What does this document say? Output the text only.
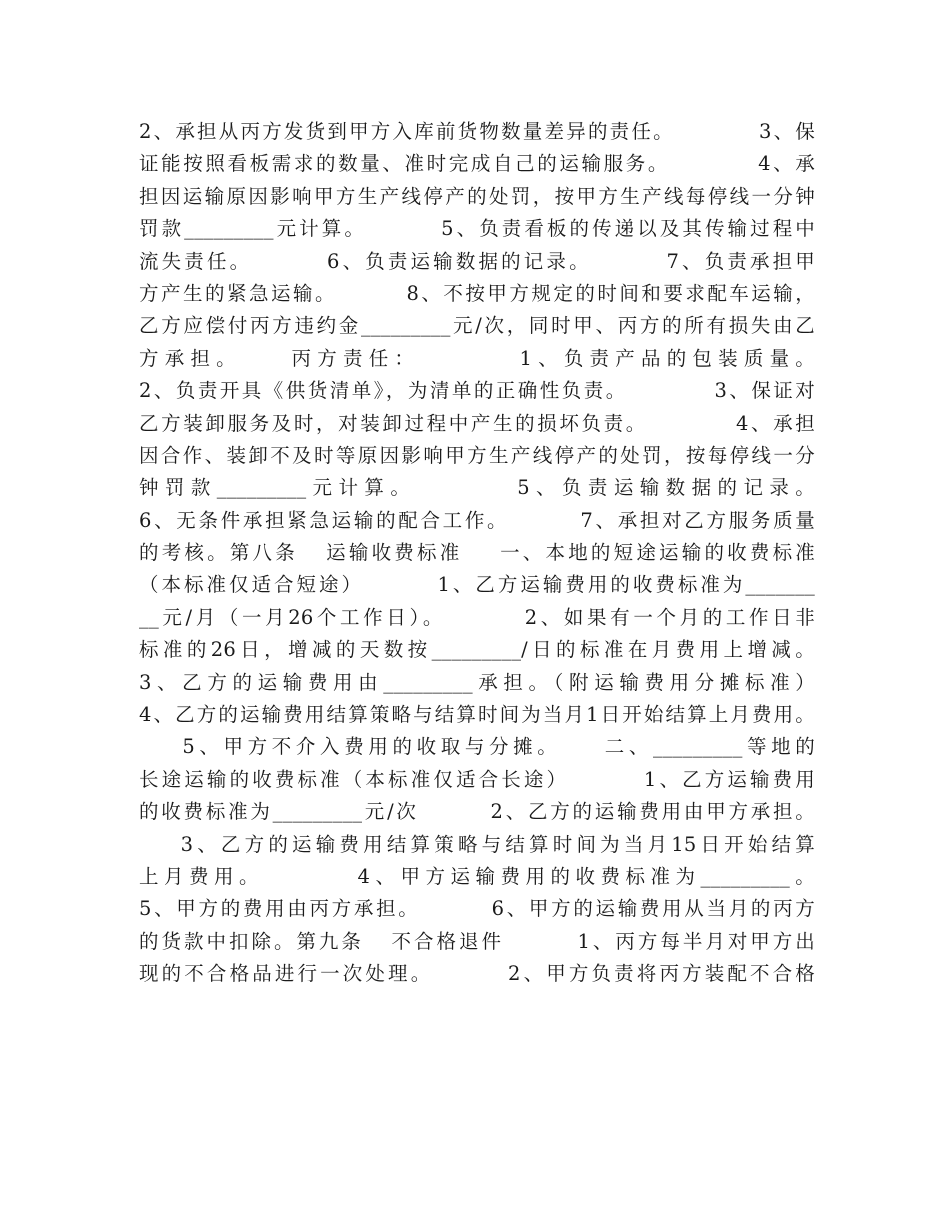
2、承担从丙方发货到甲方入库前货物数量差异的责任。          3、保
证能按照看板需求的数量、准时完成自己的运输服务。          4、承
担因运输原因影响甲方生产线停产的处罚，按甲方生产线每停线一分钟
罚款_________元计算。        5、负责看板的传递以及其传输过程中
流失责任。        6、负责运输数据的记录。        7、负责承担甲
方产生的紧急运输。        8、不按甲方规定的时间和要求配车运输，
乙方应偿付丙方违约金_________元/次，同时甲、丙方的所有损失由乙
方承担。    丙方责任：        1、负责产品的包装质量。
2、负责开具《供货清单》，为清单的正确性负责。          3、保证对
乙方装卸服务及时，对装卸过程中产生的损坏负责。          4、承担
因合作、装卸不及时等原因影响甲方生产线停产的处罚，按每停线一分
钟罚款_________元计算。        5、负责运输数据的记录。
6、无条件承担紧急运输的配合工作。        7、承担对乙方服务质量
的考核。第八条   运输收费标准    一、本地的短途运输的收费标准
（本标准仅适合短途）        1、乙方运输费用的收费标准为_______
__元/月（一月26个工作日）。        2、如果有一个月的工作日非
标准的26日，增减的天数按_________/日的标准在月费用上增减。
3、乙方的运输费用由_________承担。（附运输费用分摊标准）
4、乙方的运输费用结算策略与结算时间为当月1日开始结算上月费用。
5、甲方不介入费用的收取与分摊。    二、_________等地的
长途运输的收费标准（本标准仅适合长途）        1、乙方运输费用
的收费标准为_________元/次        2、乙方的运输费用由甲方承担。
3、乙方的运输费用结算策略与结算时间为当月15日开始结算
上月费用。        4、甲方运输费用的收费标准为_________。
5、甲方的费用由丙方承担。        6、甲方的运输费用从当月的丙方
的货款中扣除。第九条   不合格退件        1、丙方每半月对甲方出
现的不合格品进行一次处理。        2、甲方负责将丙方装配不合格
